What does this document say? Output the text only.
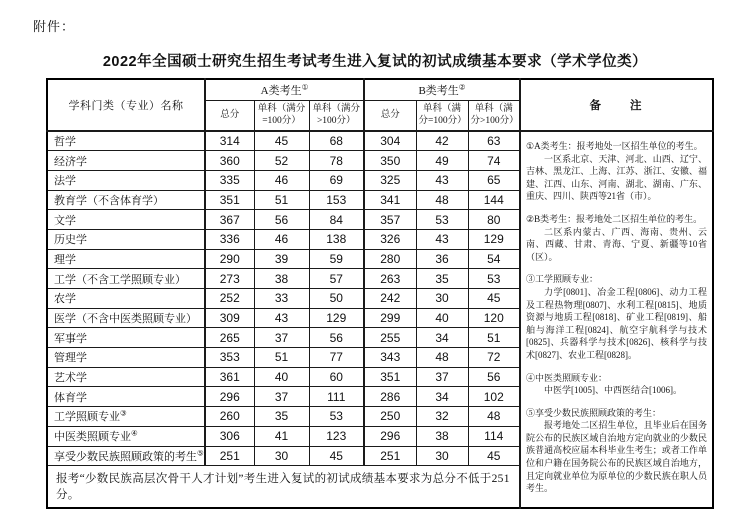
附件：
2022年全国硕士研究生招生考试考生进入复试的初试成绩基本要求（学术学位类）
学科门类（专业）名称	A类考生①			B类考生②			备　　注
	总分	单科（满分=100分）	单科（满分>100分）	总分	单科（满分=100分）	单科（满分>100分）	
哲学	314	45	68	304	42	63	①A类考生：报考地处一区招生单位的考生。

一区系北京、天津、河北、山西、辽宁、吉林、黑龙江、上海、江苏、浙江、安徽、福建、江西、山东、河南、湖北、湖南、广东、重庆、四川、陕西等21省（市）。

②B类考生：报考地处二区招生单位的考生。

二区系内蒙古、广西、海南、贵州、云南、西藏、甘肃、青海、宁夏、新疆等10省（区）。

③工学照顾专业：

力学[0801]、冶金工程[0806]、动力工程及工程热物理[0807]、水利工程[0815]、地质资源与地质工程[0818]、矿业工程[0819]、船舶与海洋工程[0824]、航空宇航科学与技术[0825]、兵器科学与技术[0826]、核科学与技术[0827]、农业工程[0828]。

④中医类照顾专业：

中医学[1005]、中西医结合[1006]。

⑤享受少数民族照顾政策的考生：

报考地处二区招生单位，且毕业后在国务院公布的民族区域自治地方定向就业的少数民族普通高校应届本科毕业生考生；或者工作单位和户籍在国务院公布的民族区域自治地方，且定向就业单位为原单位的少数民族在职人员考生。

经济学	360	52	78	350	49	74	
法学	335	46	69	325	43	65	
教育学（不含体育学）	351	51	153	341	48	144	
文学	367	56	84	357	53	80	
历史学	336	46	138	326	43	129	
理学	290	39	59	280	36	54	
工学（不含工学照顾专业）	273	38	57	263	35	53	
农学	252	33	50	242	30	45	
医学（不含中医类照顾专业）	309	43	129	299	40	120	
军事学	265	37	56	255	34	51	
管理学	353	51	77	343	48	72	
艺术学	361	40	60	351	37	56	
体育学	296	37	111	286	34	102	
工学照顾专业③	260	35	53	250	32	48	
中医类照顾专业④	306	41	123	296	38	114	
享受少数民族照顾政策的考生⑤	251	30	45	251	30	45	
报考“少数民族高层次骨干人才计划”考生进入复试的初试成绩基本要求为总分不低于251分。							
